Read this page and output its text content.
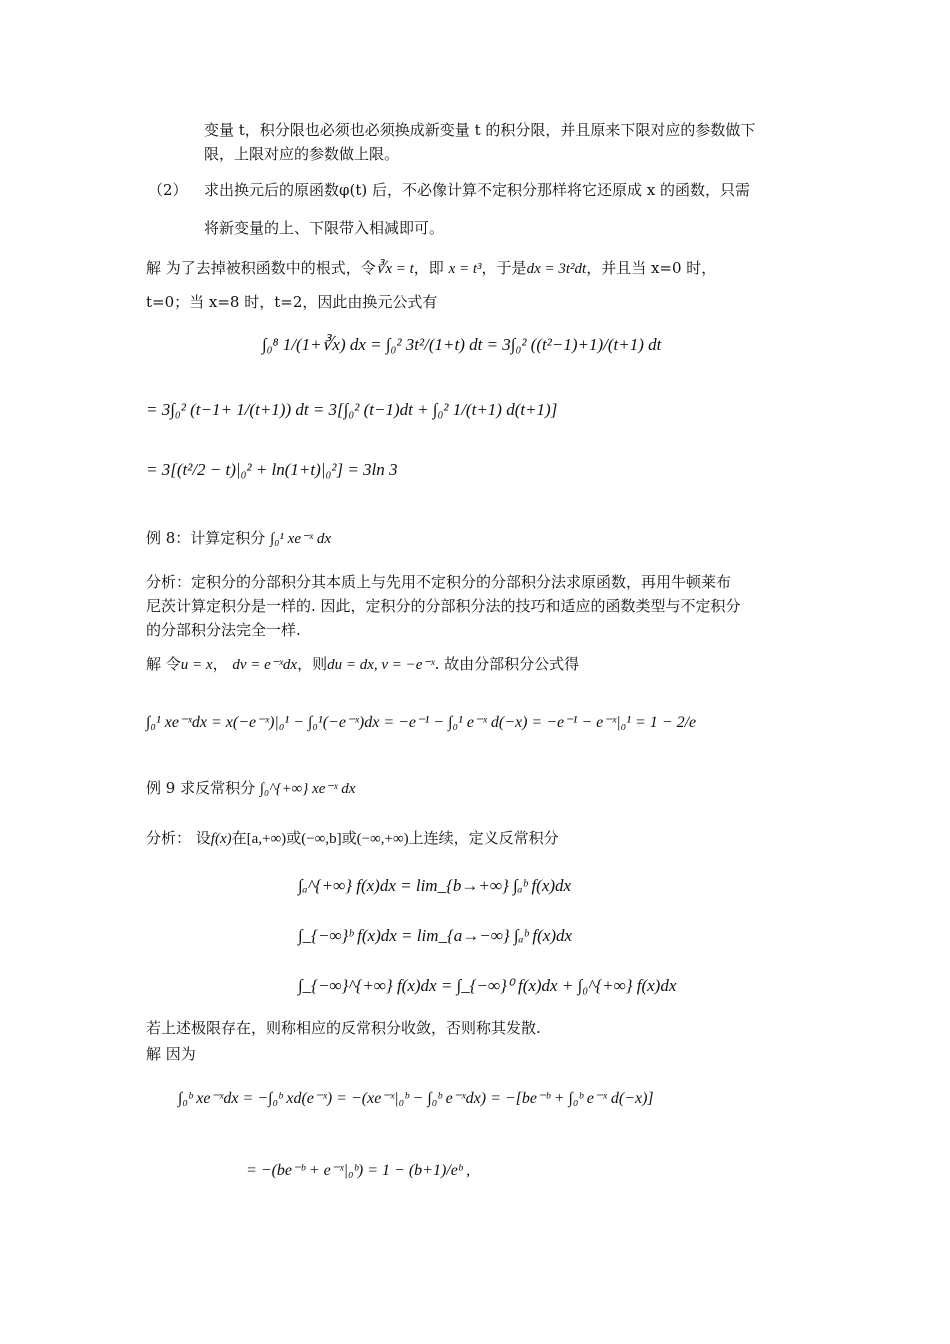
变量 t，积分限也必须也必须换成新变量 t 的积分限，并且原来下限对应的参数做下
限，上限对应的参数做上限。
（2） 求出换元后的原函数φ(t) 后，不必像计算不定积分那样将它还原成 x 的函数，只需
将新变量的上、下限带入相减即可。
解 为了去掉被积函数中的根式，令∛x = t，即 x = t³，于是dx = 3t²dt，并且当 x=0 时，
t=0；当 x=8 时，t=2，因此由换元公式有
∫₀⁸ 1/(1+∛x) dx = ∫₀² 3t²/(1+t) dt = 3∫₀² ((t²−1)+1)/(t+1) dt
= 3∫₀² (t−1+ 1/(t+1)) dt = 3[∫₀² (t−1)dt + ∫₀² 1/(t+1) d(t+1)]
= 3[(t²/2 − t)|₀² + ln(1+t)|₀²] = 3ln 3
例 8：计算定积分 ∫₀¹ xe⁻ˣ dx
分析：定积分的分部积分其本质上与先用不定积分的分部积分法求原函数，再用牛顿莱布
尼茨计算定积分是一样的. 因此，定积分的分部积分法的技巧和适应的函数类型与不定积分
的分部积分法完全一样.
解 令u = x， dv = e⁻ˣdx，则du = dx, v = −e⁻ˣ. 故由分部积分公式得
∫₀¹ xe⁻ˣdx = x(−e⁻ˣ)|₀¹ − ∫₀¹(−e⁻ˣ)dx = −e⁻¹ − ∫₀¹ e⁻ˣ d(−x) = −e⁻¹ − e⁻ˣ|₀¹ = 1 − 2/e
例 9 求反常积分 ∫₀^{+∞} xe⁻ˣ dx
分析： 设f(x)在[a,+∞)或(−∞,b]或(−∞,+∞)上连续，定义反常积分
∫ₐ^{+∞} f(x)dx = lim_{b→+∞} ∫ₐᵇ f(x)dx
∫_{−∞}ᵇ f(x)dx = lim_{a→−∞} ∫ₐᵇ f(x)dx
∫_{−∞}^{+∞} f(x)dx = ∫_{−∞}⁰ f(x)dx + ∫₀^{+∞} f(x)dx
若上述极限存在，则称相应的反常积分收敛，否则称其发散.
解 因为
∫₀ᵇ xe⁻ˣdx = −∫₀ᵇ xd(e⁻ˣ) = −(xe⁻ˣ|₀ᵇ − ∫₀ᵇ e⁻ˣdx) = −[be⁻ᵇ + ∫₀ᵇ e⁻ˣ d(−x)]
= −(be⁻ᵇ + e⁻ˣ|₀ᵇ) = 1 − (b+1)/eᵇ ,
